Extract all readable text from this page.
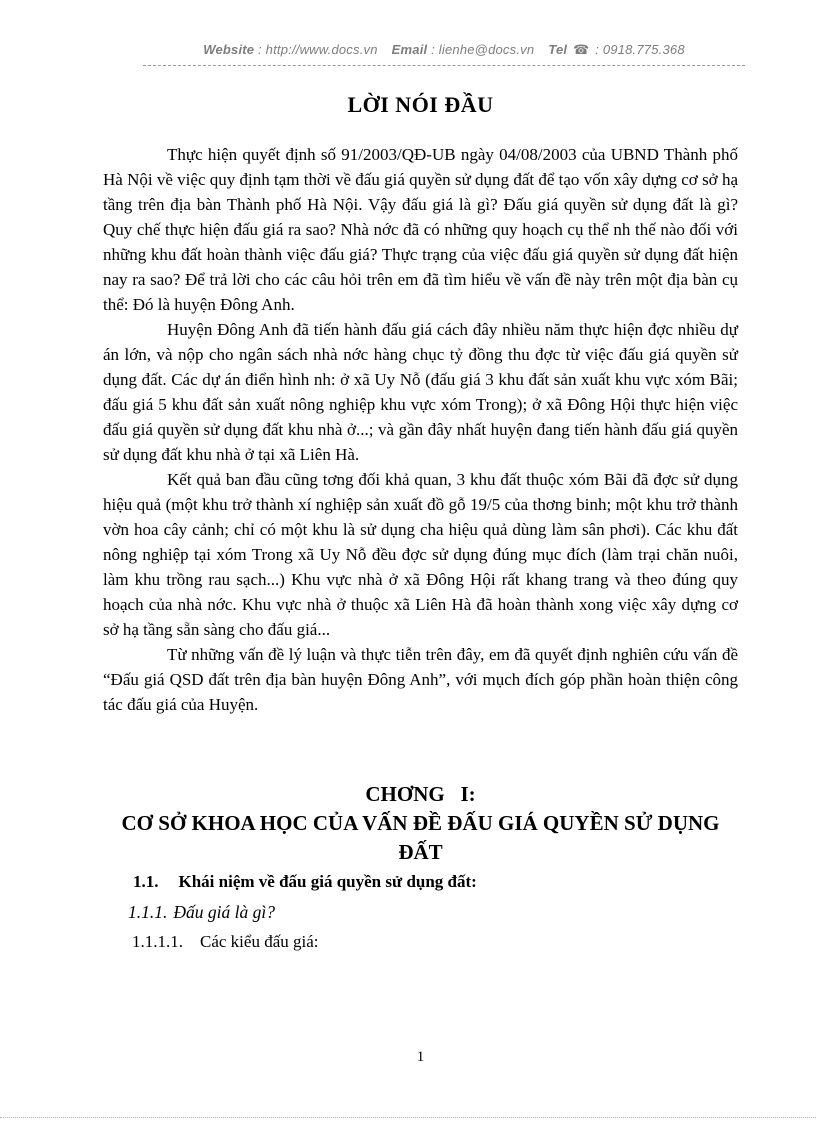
Website : http://www.docs.vn Email : lienhe@docs.vn Tel ☎ : 0918.775.368
LỜI NÓI ĐẦU

Thực hiện quyết định số 91/2003/QĐ-UB ngày 04/08/2003 của UBND Thành phố Hà Nội về việc quy định tạm thời về đấu giá quyền sử dụng đất để tạo vốn xây dựng cơ sở hạ tầng trên địa bàn Thành phố Hà Nội. Vậy đấu giá là gì? Đấu giá quyền sử dụng đất là gì? Quy chế thực hiện đấu giá ra sao? Nhà nớc đã có những quy hoạch cụ thể nh thế nào đối với những khu đất hoàn thành việc đấu giá? Thực trạng của việc đấu giá quyền sử dụng đất hiện nay ra sao? Để trả lời cho các câu hỏi trên em đã tìm hiểu về vấn đề này trên một địa bàn cụ thể: Đó là huyện Đông Anh.

Huyện Đông Anh đã tiến hành đấu giá cách đây nhiều năm thực hiện đợc nhiều dự án lớn, và nộp cho ngân sách nhà nớc hàng chục tỷ đồng thu đợc từ việc đấu giá quyền sử dụng đất. Các dự án điển hình nh: ở xã Uy Nỗ (đấu giá 3 khu đất sản xuất khu vực xóm Bãi; đấu giá 5 khu đất sản xuất nông nghiệp khu vực xóm Trong); ở xã Đông Hội thực hiện việc đấu giá quyền sử dụng đất khu nhà ở...; và gần đây nhất huyện đang tiến hành đấu giá quyền sử dụng đất khu nhà ở tại xã Liên Hà.

Kết quả ban đầu cũng tơng đối khả quan, 3 khu đất thuộc xóm Bãi đã đợc sử dụng hiệu quả (một khu trở thành xí nghiệp sản xuất đồ gỗ 19/5 của thơng binh; một khu trở thành vờn hoa cây cảnh; chỉ có một khu là sử dụng cha hiệu quả dùng làm sân phơi). Các khu đất nông nghiệp tại xóm Trong xã Uy Nỗ đều đợc sử dụng đúng mục đích (làm trại chăn nuôi, làm khu trồng rau sạch...) Khu vực nhà ở xã Đông Hội rất khang trang và theo đúng quy hoạch của nhà nớc. Khu vực nhà ở thuộc xã Liên Hà đã hoàn thành xong việc xây dựng cơ sở hạ tầng sẵn sàng cho đấu giá...

Từ những vấn đề lý luận và thực tiễn trên đây, em đã quyết định nghiên cứu vấn đề “Đấu giá QSD đất trên địa bàn huyện Đông Anh”, với mụch đích góp phần hoàn thiện công tác đấu giá của Huyện.

CHƠNG   I:
CƠ SỞ KHOA HỌC CỦA VẤN ĐỀ ĐẤU GIÁ QUYỀN SỬ DỤNG ĐẤT
1.1. Khái niệm về đấu giá quyền sử dụng đất:
1.1.1. Đấu giá là gì?
1.1.1.1. Các kiểu đấu giá:
1
